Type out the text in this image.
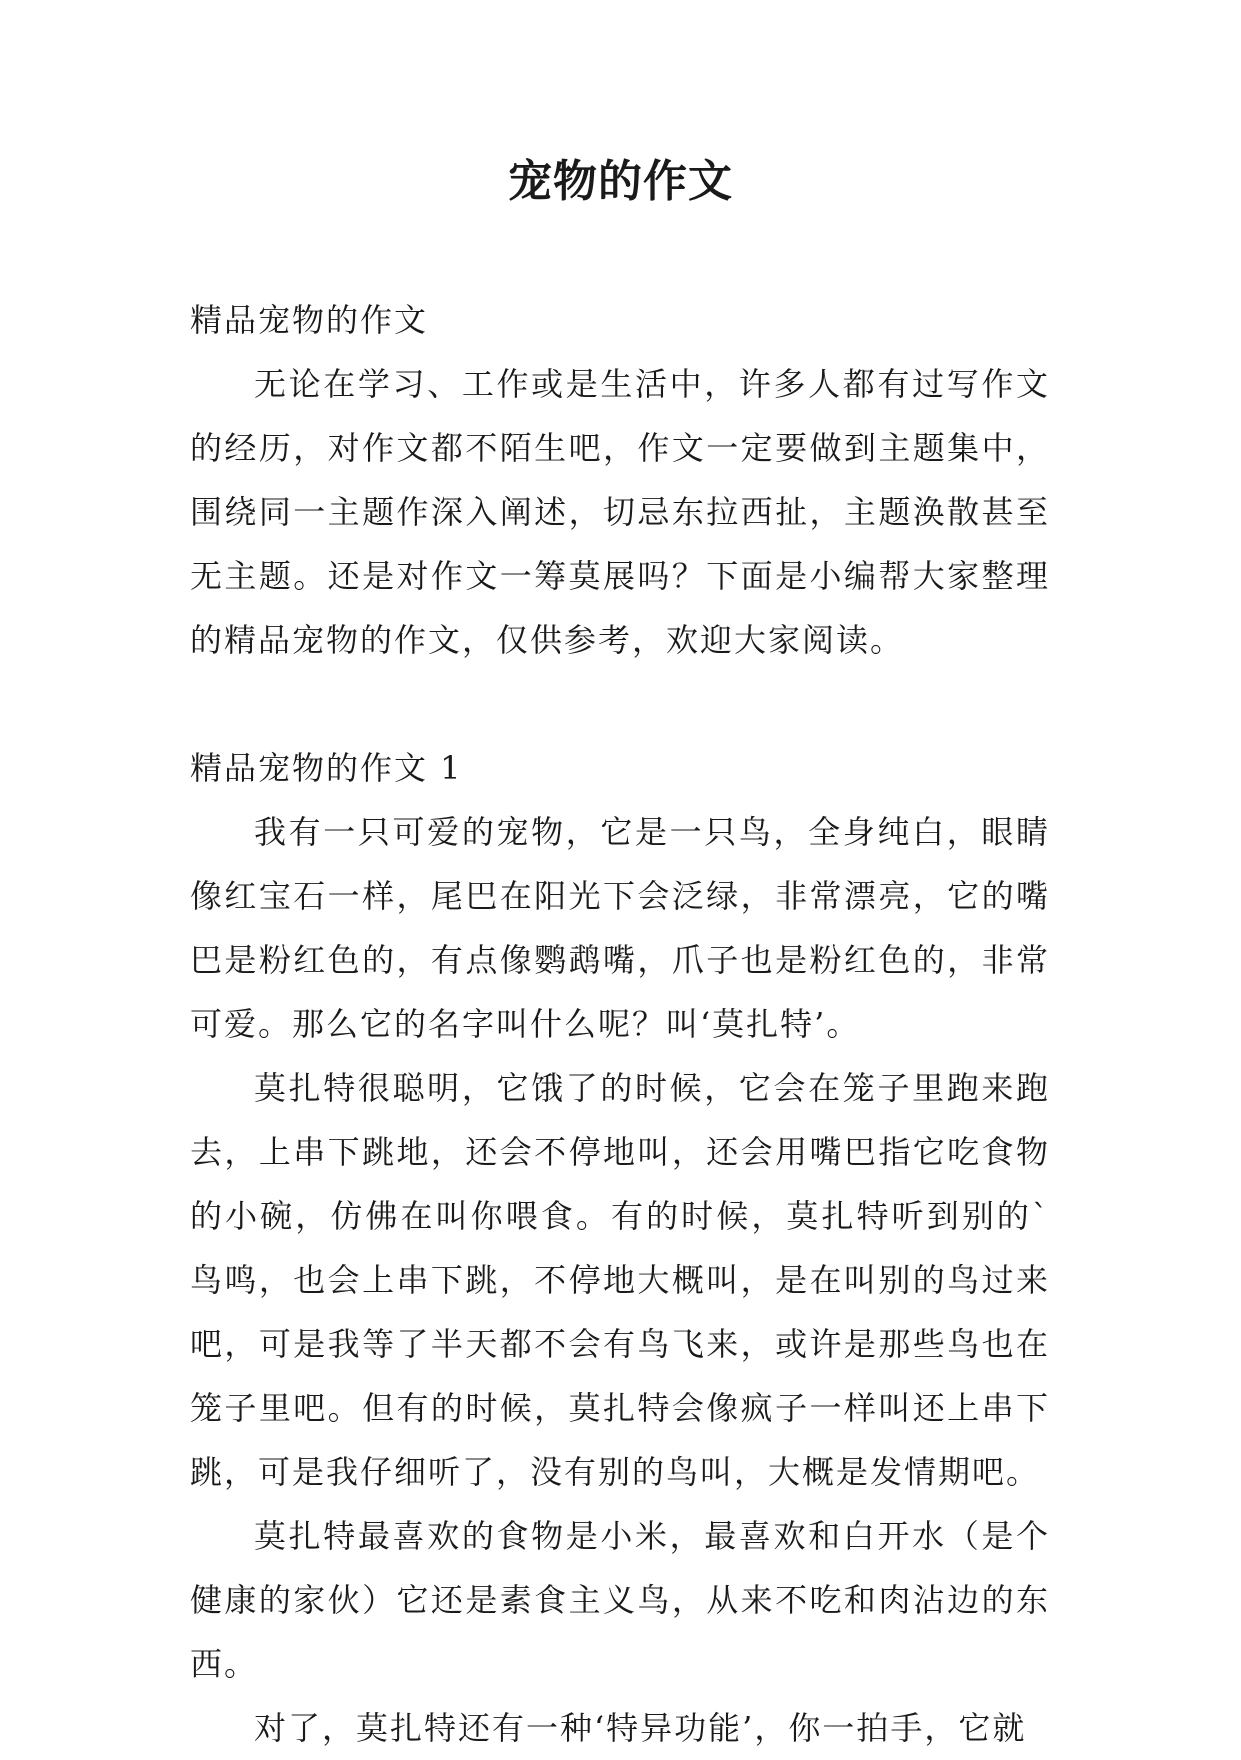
宠物的作文

精品宠物的作文

无论在学习、工作或是生活中，许多人都有过写作文的经历，对作文都不陌生吧，作文一定要做到主题集中，围绕同一主题作深入阐述，切忌东拉西扯，主题涣散甚至无主题。还是对作文一筹莫展吗？下面是小编帮大家整理的精品宠物的作文，仅供参考，欢迎大家阅读。

精品宠物的作文 1

我有一只可爱的宠物，它是一只鸟，全身纯白，眼睛像红宝石一样，尾巴在阳光下会泛绿，非常漂亮，它的嘴巴是粉红色的，有点像鹦鹉嘴，爪子也是粉红色的，非常可爱。那么它的名字叫什么呢？叫‘莫扎特’。

莫扎特很聪明，它饿了的时候，它会在笼子里跑来跑去，上串下跳地，还会不停地叫，还会用嘴巴指它吃食物的小碗，仿佛在叫你喂食。有的时候，莫扎特听到别的`鸟鸣，也会上串下跳，不停地大概叫，是在叫别的鸟过来吧，可是我等了半天都不会有鸟飞来，或许是那些鸟也在笼子里吧。但有的时候，莫扎特会像疯子一样叫还上串下跳，可是我仔细听了，没有别的鸟叫，大概是发情期吧。

莫扎特最喜欢的食物是小米，最喜欢和白开水（是个健康的家伙）它还是素食主义鸟，从来不吃和肉沾边的东西。

对了，莫扎特还有一种‘特异功能’，你一拍手，它就
